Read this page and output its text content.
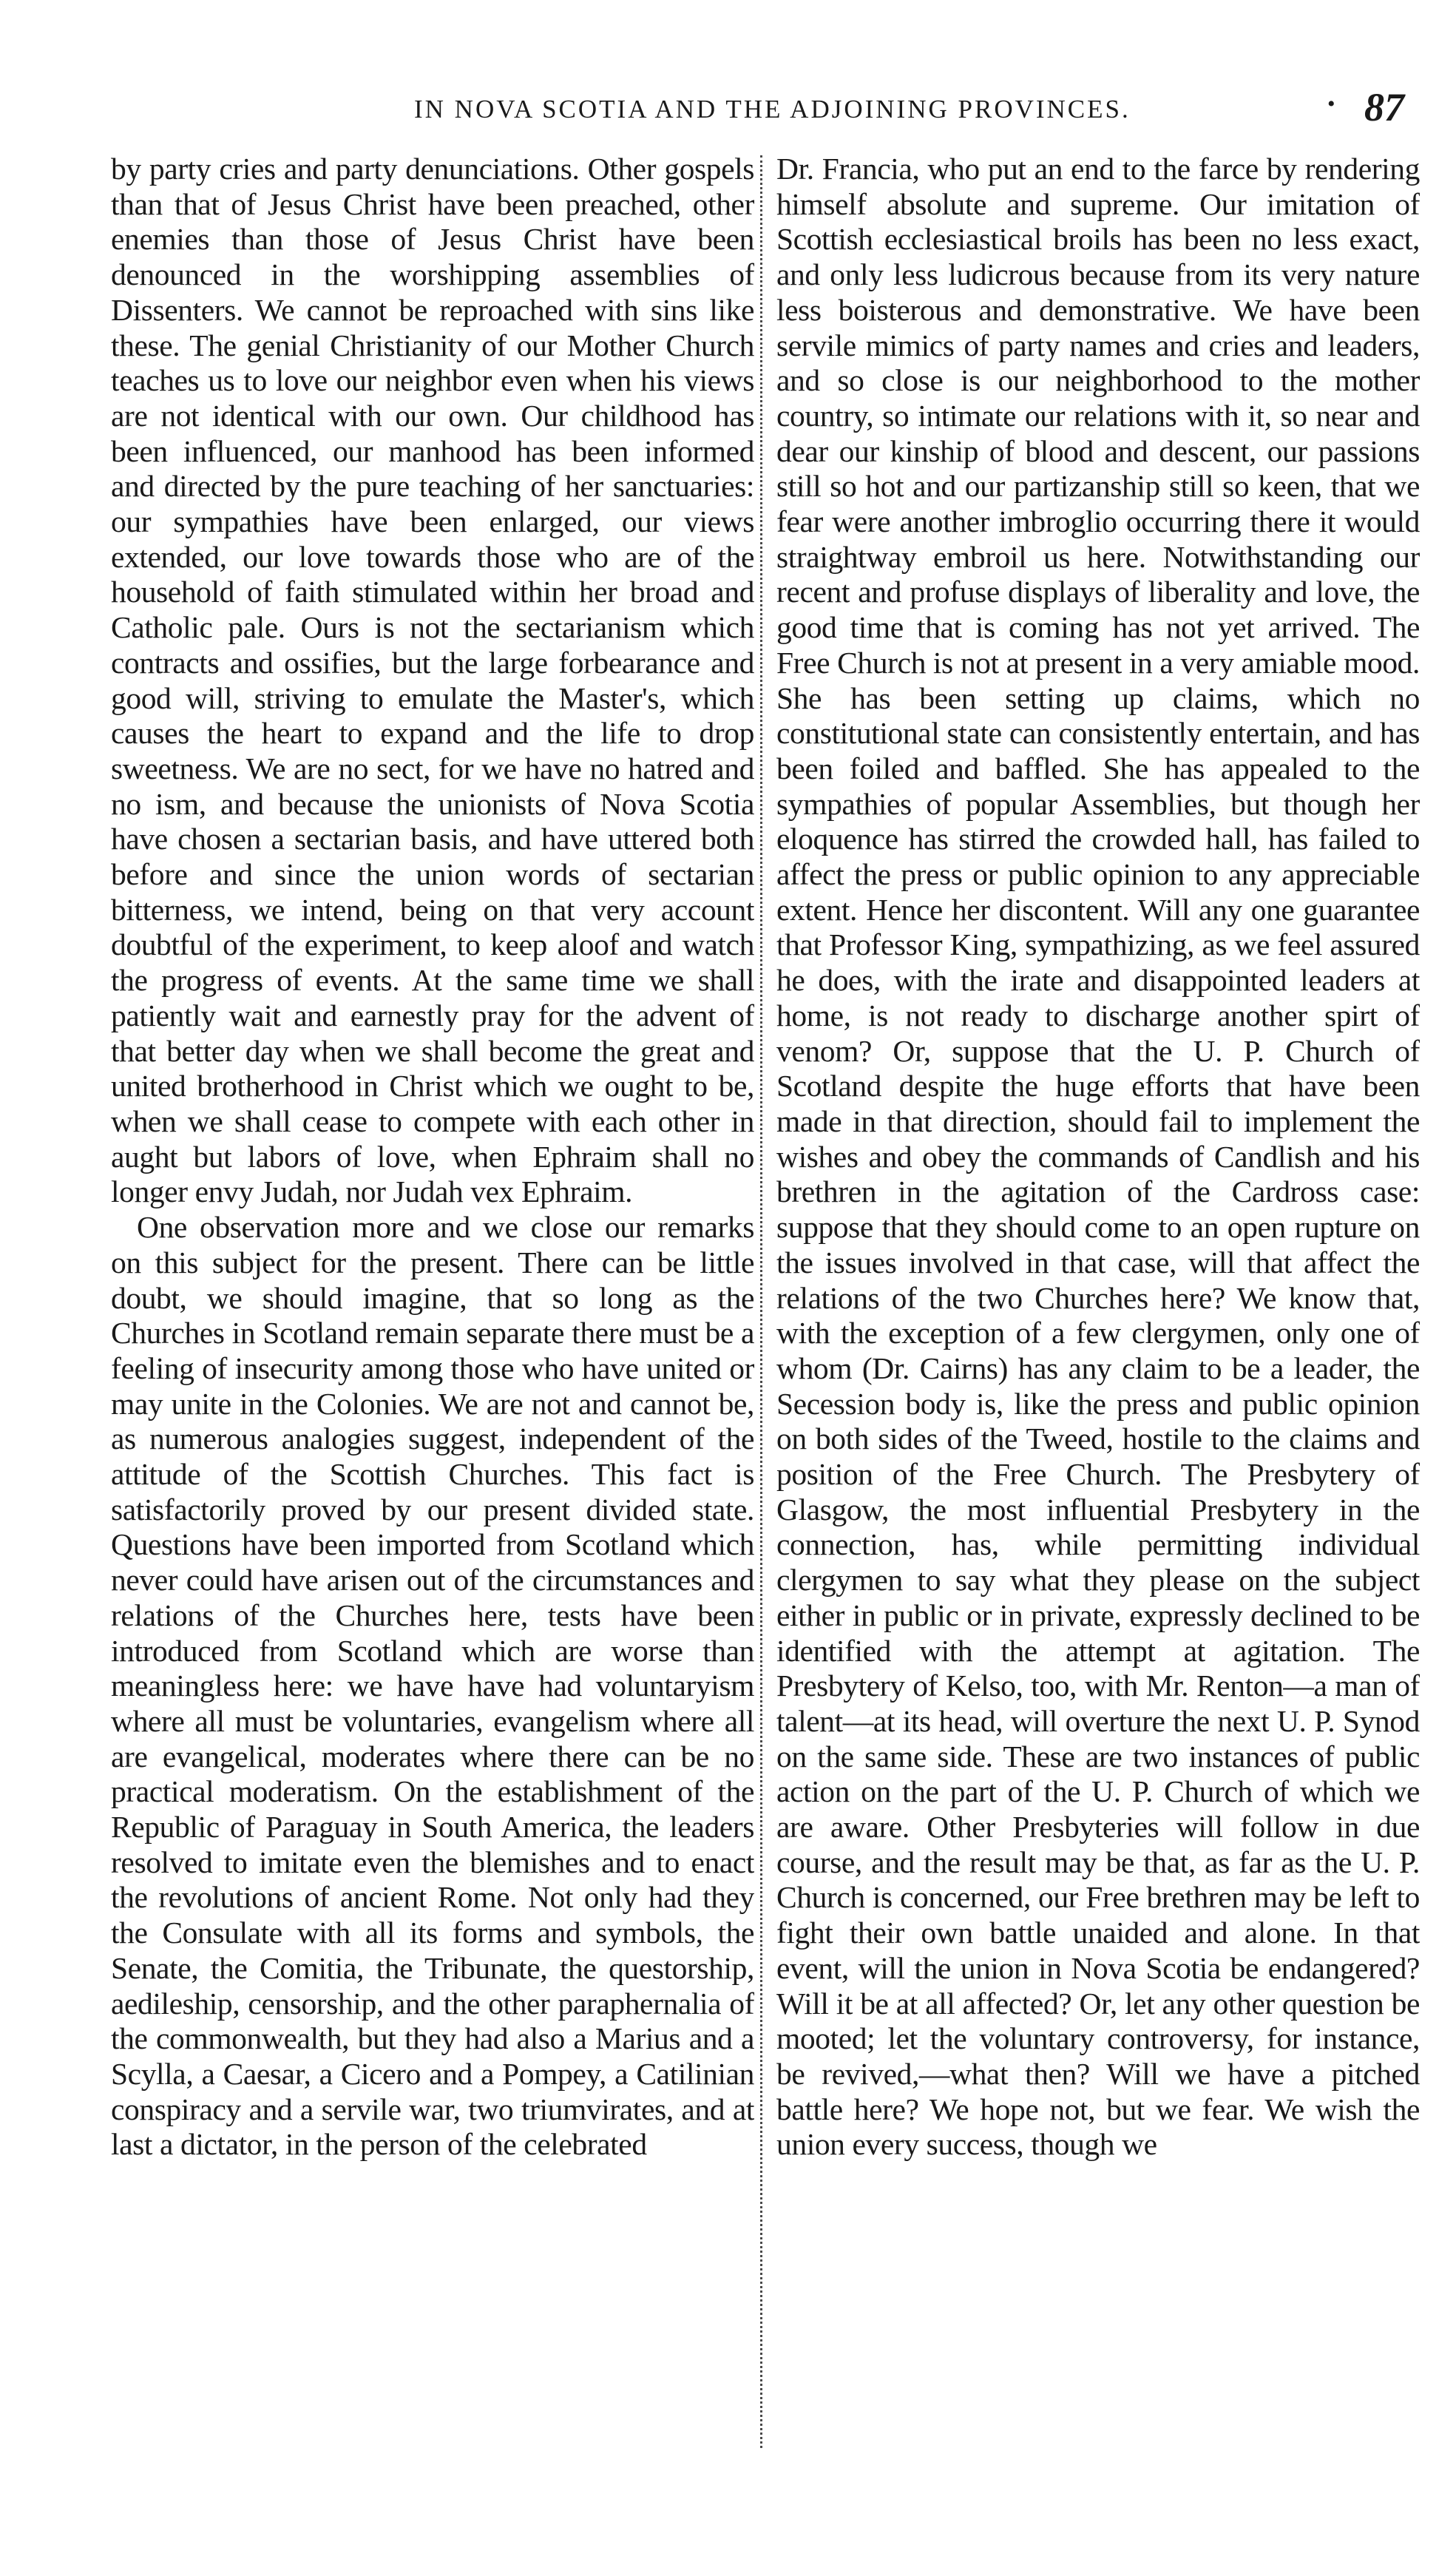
IN NOVA SCOTIA AND THE ADJOINING PROVINCES.	• 87

by party cries and party denunciations. Other gospels than that of Jesus Christ have been preached, other enemies than those of Jesus Christ have been denounced in the worshipping assemblies of Dissenters. We cannot be reproached with sins like these. The genial Christianity of our Mother Church teaches us to love our neighbor even when his views are not identical with our own. Our childhood has been influenced, our manhood has been informed and directed by the pure teaching of her sanctuaries: our sympathies have been enlarged, our views extended, our love towards those who are of the household of faith stimulated within her broad and Catholic pale. Ours is not the sectarianism which contracts and ossifies, but the large forbearance and good will, striving to emulate the Master's, which causes the heart to expand and the life to drop sweetness. We are no sect, for we have no hatred and no ism, and because the unionists of Nova Scotia have chosen a sectarian basis, and have uttered both before and since the union words of sectarian bitterness, we intend, being on that very account doubtful of the experiment, to keep aloof and watch the progress of events. At the same time we shall patiently wait and earnestly pray for the advent of that better day when we shall become the great and united brotherhood in Christ which we ought to be, when we shall cease to compete with each other in aught but labors of love, when Ephraim shall no longer envy Judah, nor Judah vex Ephraim.

One observation more and we close our remarks on this subject for the present. There can be little doubt, we should imagine, that so long as the Churches in Scotland remain separate there must be a feeling of insecurity among those who have united or may unite in the Colonies. We are not and cannot be, as numerous analogies suggest, independent of the attitude of the Scottish Churches. This fact is satisfactorily proved by our present divided state. Questions have been imported from Scotland which never could have arisen out of the circumstances and relations of the Churches here, tests have been introduced from Scotland which are worse than meaningless here: we have have had voluntaryism where all must be voluntaries, evangelism where all are evangelical, moderates where there can be no practical moderatism. On the establishment of the Republic of Paraguay in South America, the leaders resolved to imitate even the blemishes and to enact the revolutions of ancient Rome. Not only had they the Consulate with all its forms and symbols, the Senate, the Comitia, the Tribunate, the questorship, aedileship, censorship, and the other paraphernalia of the commonwealth, but they had also a Marius and a Scylla, a Caesar, a Cicero and a Pompey, a Catilinian conspiracy and a servile war, two triumvirates, and at last a dictator, in the person of the celebrated

Dr. Francia, who put an end to the farce by rendering himself absolute and supreme. Our imitation of Scottish ecclesiastical broils has been no less exact, and only less ludicrous because from its very nature less boisterous and demonstrative. We have been servile mimics of party names and cries and leaders, and so close is our neighborhood to the mother country, so intimate our relations with it, so near and dear our kinship of blood and descent, our passions still so hot and our partizanship still so keen, that we fear were another imbroglio occurring there it would straightway embroil us here. Notwithstanding our recent and profuse displays of liberality and love, the good time that is coming has not yet arrived. The Free Church is not at present in a very amiable mood. She has been setting up claims, which no constitutional state can consistently entertain, and has been foiled and baffled. She has appealed to the sympathies of popular Assemblies, but though her eloquence has stirred the crowded hall, has failed to affect the press or public opinion to any appreciable extent. Hence her discontent. Will any one guarantee that Professor King, sympathizing, as we feel assured he does, with the irate and disappointed leaders at home, is not ready to discharge another spirt of venom? Or, suppose that the U. P. Church of Scotland despite the huge efforts that have been made in that direction, should fail to implement the wishes and obey the commands of Candlish and his brethren in the agitation of the Cardross case: suppose that they should come to an open rupture on the issues involved in that case, will that affect the relations of the two Churches here? We know that, with the exception of a few clergymen, only one of whom (Dr. Cairns) has any claim to be a leader, the Secession body is, like the press and public opinion on both sides of the Tweed, hostile to the claims and position of the Free Church. The Presbytery of Glasgow, the most influential Presbytery in the connection, has, while permitting individual clergymen to say what they please on the subject either in public or in private, expressly declined to be identified with the attempt at agitation. The Presbytery of Kelso, too, with Mr. Renton—a man of talent—at its head, will overture the next U. P. Synod on the same side. These are two instances of public action on the part of the U. P. Church of which we are aware. Other Presbyteries will follow in due course, and the result may be that, as far as the U. P. Church is concerned, our Free brethren may be left to fight their own battle unaided and alone. In that event, will the union in Nova Scotia be endangered? Will it be at all affected? Or, let any other question be mooted; let the voluntary controversy, for instance, be revived,—what then? Will we have a pitched battle here? We hope not, but we fear. We wish the union every success, though we
